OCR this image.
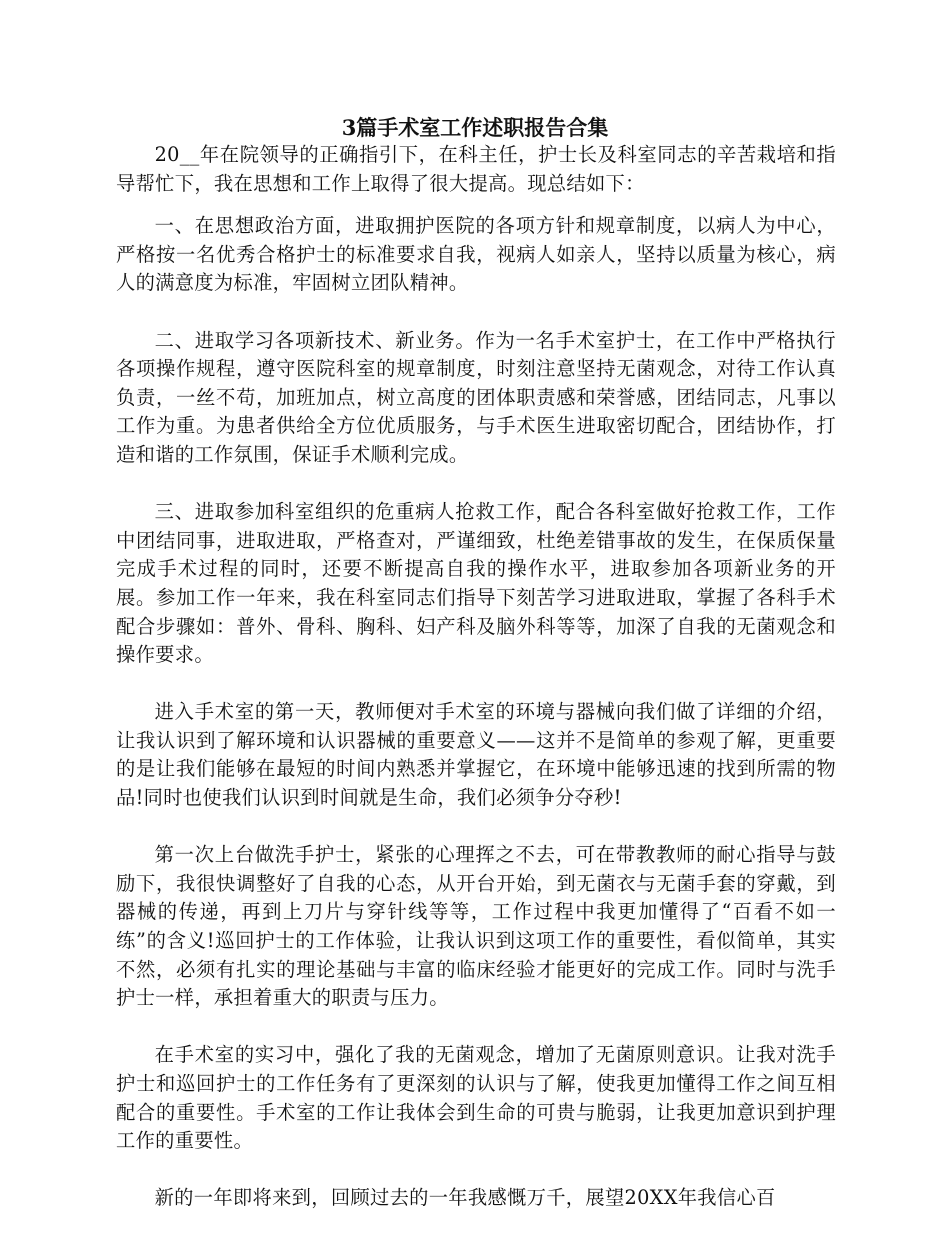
3篇手术室工作述职报告合集

20__年在院领导的正确指引下，在科主任，护士长及科室同志的辛苦栽培和指导帮忙下，我在思想和工作上取得了很大提高。现总结如下：

一、在思想政治方面，进取拥护医院的各项方针和规章制度，以病人为中心，严格按一名优秀合格护士的标准要求自我，视病人如亲人，坚持以质量为核心，病人的满意度为标准，牢固树立团队精神。

二、进取学习各项新技术、新业务。作为一名手术室护士，在工作中严格执行各项操作规程，遵守医院科室的规章制度，时刻注意坚持无菌观念，对待工作认真负责，一丝不苟，加班加点，树立高度的团体职责感和荣誉感，团结同志，凡事以工作为重。为患者供给全方位优质服务，与手术医生进取密切配合，团结协作，打造和谐的工作氛围，保证手术顺利完成。

三、进取参加科室组织的危重病人抢救工作，配合各科室做好抢救工作，工作中团结同事，进取进取，严格查对，严谨细致，杜绝差错事故的发生，在保质保量完成手术过程的同时，还要不断提高自我的操作水平，进取参加各项新业务的开展。参加工作一年来，我在科室同志们指导下刻苦学习进取进取，掌握了各科手术配合步骤如：普外、骨科、胸科、妇产科及脑外科等等，加深了自我的无菌观念和操作要求。

进入手术室的第一天，教师便对手术室的环境与器械向我们做了详细的介绍，让我认识到了解环境和认识器械的重要意义——这并不是简单的参观了解，更重要的是让我们能够在最短的时间内熟悉并掌握它，在环境中能够迅速的找到所需的物品!同时也使我们认识到时间就是生命，我们必须争分夺秒!

第一次上台做洗手护士，紧张的心理挥之不去，可在带教教师的耐心指导与鼓励下，我很快调整好了自我的心态，从开台开始，到无菌衣与无菌手套的穿戴，到器械的传递，再到上刀片与穿针线等等，工作过程中我更加懂得了“百看不如一练”的含义!巡回护士的工作体验，让我认识到这项工作的重要性，看似简单，其实不然，必须有扎实的理论基础与丰富的临床经验才能更好的完成工作。同时与洗手护士一样，承担着重大的职责与压力。

在手术室的实习中，强化了我的无菌观念，增加了无菌原则意识。让我对洗手护士和巡回护士的工作任务有了更深刻的认识与了解，使我更加懂得工作之间互相配合的重要性。手术室的工作让我体会到生命的可贵与脆弱，让我更加意识到护理工作的重要性。

新的一年即将来到，回顾过去的一年我感慨万千，展望20XX年我信心百
